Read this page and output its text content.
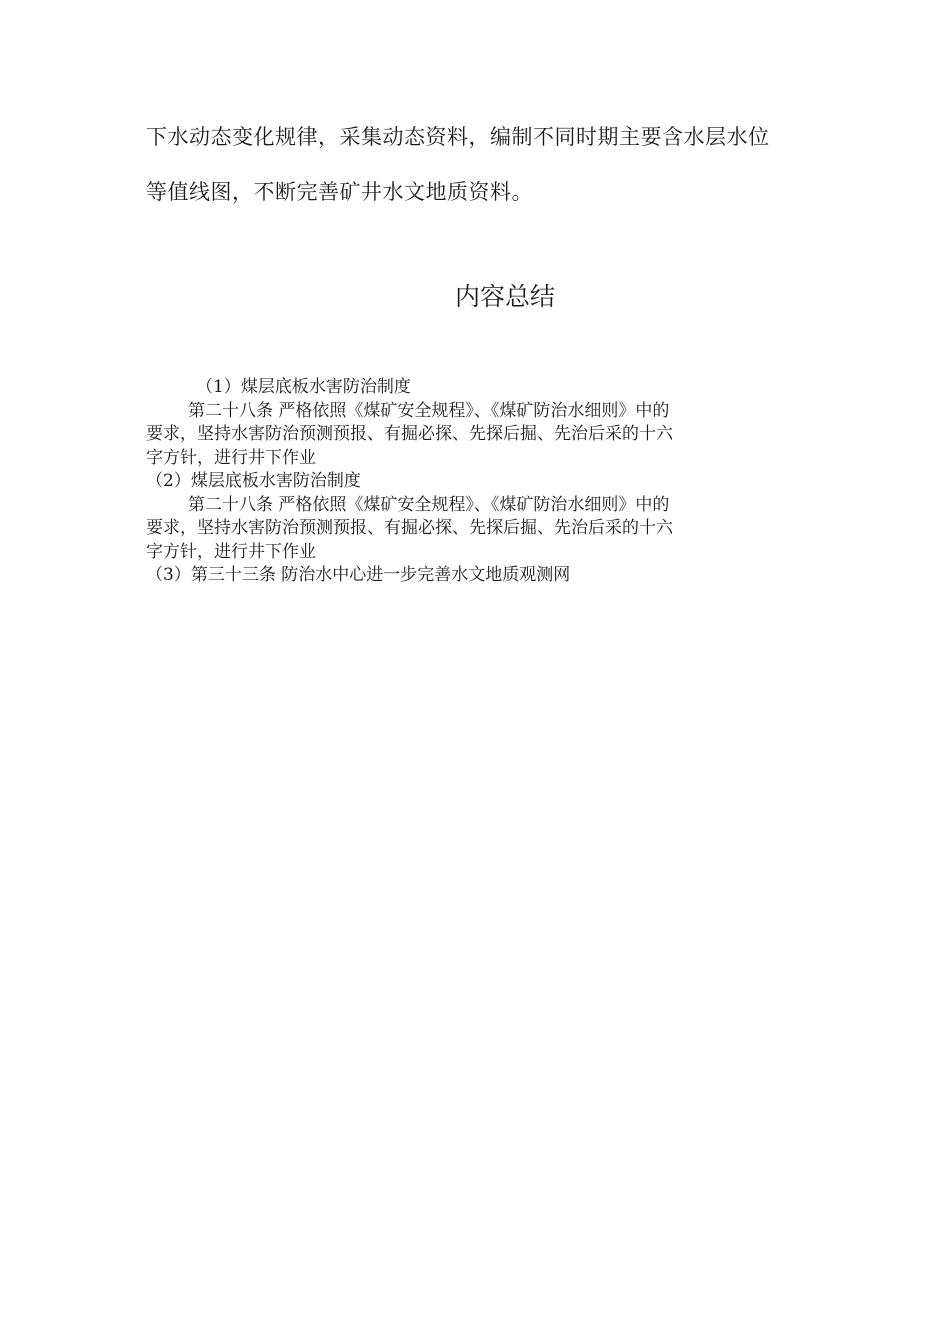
下水动态变化规律，采集动态资料，编制不同时期主要含水层水位
等值线图，不断完善矿井水文地质资料。
内容总结
（1）煤层底板水害防治制度
第二十八条 严格依照《煤矿安全规程》、《煤矿防治水细则》中的
要求，坚持水害防治预测预报、有掘必探、先探后掘、先治后采的十六
字方针，进行井下作业
（2）煤层底板水害防治制度
第二十八条 严格依照《煤矿安全规程》、《煤矿防治水细则》中的
要求，坚持水害防治预测预报、有掘必探、先探后掘、先治后采的十六
字方针，进行井下作业
（3）第三十三条 防治水中心进一步完善水文地质观测网
